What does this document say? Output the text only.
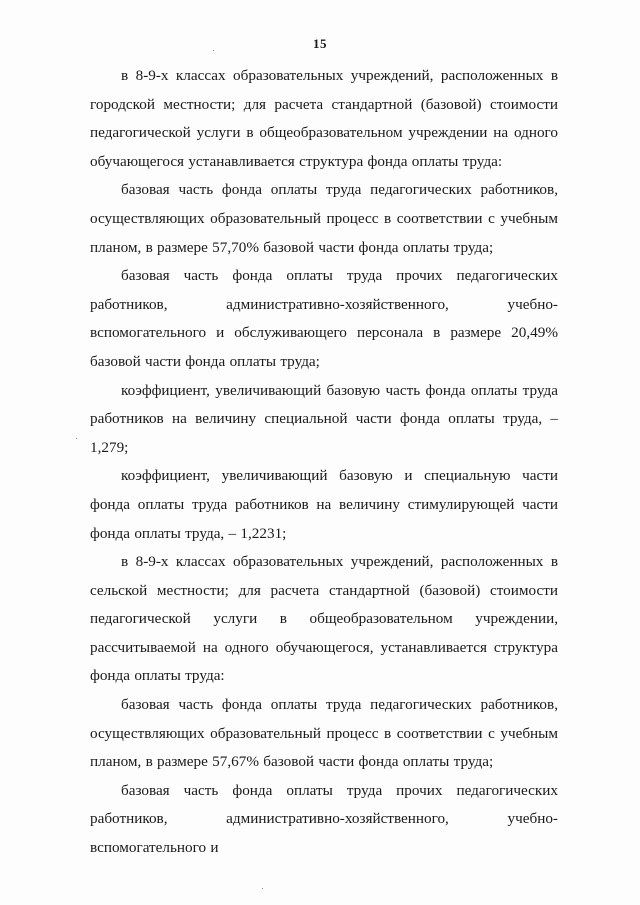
15

в 8-9-х классах образовательных учреждений, расположенных в городской местности; для расчета стандартной (базовой) стоимости педагогической услуги в общеобразовательном учреждении на одного обучающегося устанавливается структура фонда оплаты труда:

базовая часть фонда оплаты труда педагогических работников, осуществляющих образовательный процесс в соответствии с учебным планом, в размере 57,70% базовой части фонда оплаты труда;

базовая часть фонда оплаты труда прочих педагогических работников, административно-хозяйственного, учебно-вспомогательного и обслуживающего персонала в размере 20,49% базовой части фонда оплаты труда;

коэффициент, увеличивающий базовую часть фонда оплаты труда работников на величину специальной части фонда оплаты труда, – 1,279;

коэффициент, увеличивающий базовую и специальную части фонда оплаты труда работников на величину стимулирующей части фонда оплаты труда, – 1,2231;

в 8-9-х классах образовательных учреждений, расположенных в сельской местности; для расчета стандартной (базовой) стоимости педагогической услуги в общеобразовательном учреждении, рассчитываемой на одного обучающегося, устанавливается структура фонда оплаты труда:

базовая часть фонда оплаты труда педагогических работников, осуществляющих образовательный процесс в соответствии с учебным планом, в размере 57,67% базовой части фонда оплаты труда;

базовая часть фонда оплаты труда прочих педагогических работников, административно-хозяйственного, учебно-вспомогательного и
